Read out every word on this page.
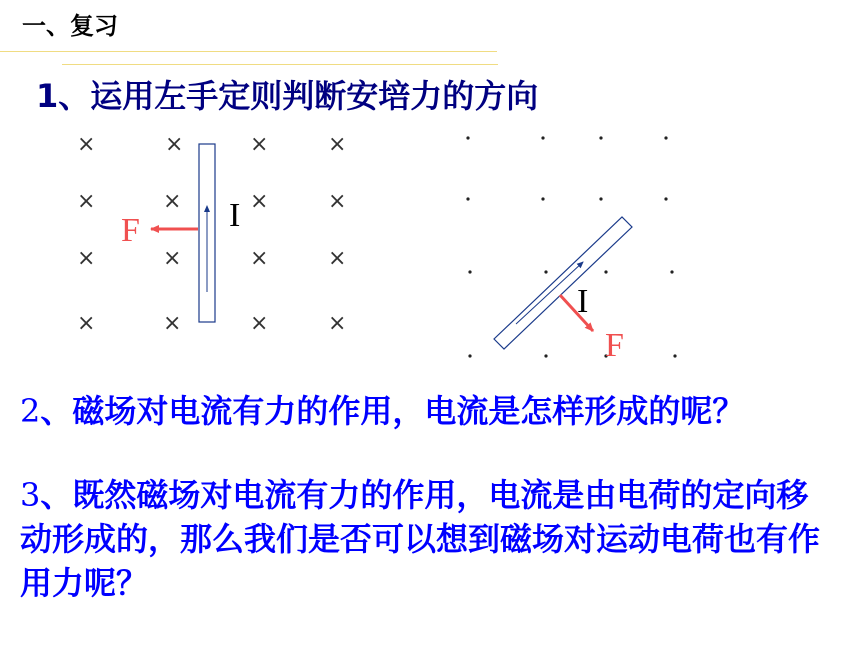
一、复习
1、运用左手定则判断安培力的方向
×	×	×	×
×	×	×	×
×	×	×	×
×	×	×	×
I
F
I
F
2、磁场对电流有力的作用，电流是怎样形成的呢？
3、既然磁场对电流有力的作用，电流是由电荷的定向移动形成的，那么我们是否可以想到磁场对运动电荷也有作用力呢？
